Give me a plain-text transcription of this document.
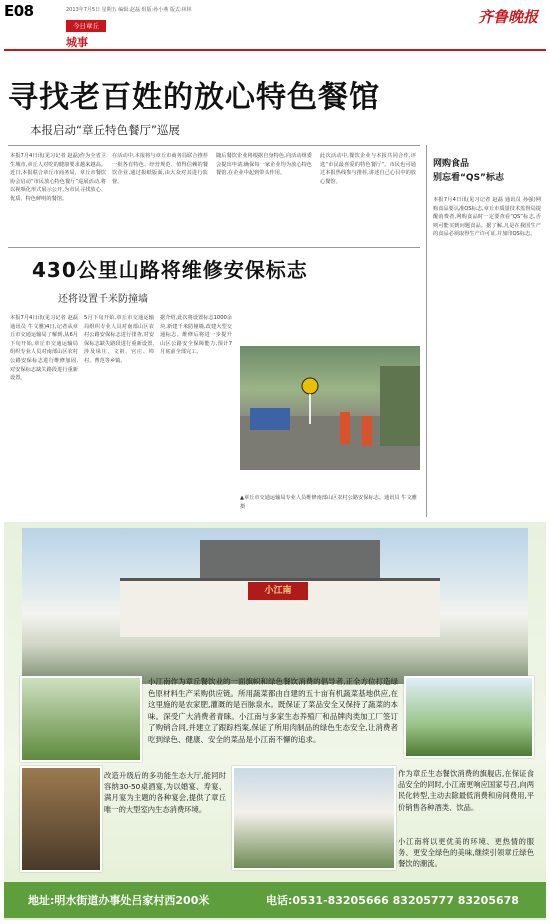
E08	2013年7月5日 星期五 编辑:赵磊 组版:孙小燕 版式:林林
今日章丘
城事
齐鲁晚报
寻找老百姓的放心特色餐馆
本报启动“章丘特色餐厅”巡展
本报7月4日讯(见习记者 赵磊)作为全省卫生城市,章丘人对吃的健康要求越来越高。近日,本报联合章丘市商务局、章丘市餐饮协会启动“市民放心特色餐厅”巡展活动,将以视频化形式展示公开,为市民寻找放心、优质、特色鲜明的餐馆。
在活动中,本报将与章丘市商务局联合推荐一批各有特色、经营规范、值得信赖的餐饮企业,通过报纸版面,由大众对其进行监督。
随后餐饮企业将根据自身特色,向活动组委会提出申请,确保每一家企业均为放心特色餐馆,在企业中起到带头作用。
此次活动中,餐饮企业与本报共同合作,评选“市民最喜爱的特色餐厅”。市民也可通过本报热线参与推荐,讲述自己心目中的放心餐馆。
网购食品
别忘看“QS”标志
本报7月4日讯(见习记者 赵磊 通讯员 孙强)网购食品要认准QS标志,章丘市质量技术监督局提醒消费者,网购食品时一定要查看“QS”标志,否则可能买到问题食品。据了解,凡是在我国生产的食品必须取得生产许可证,并加印QS标志。
430公里山路将维修安保标志
还将设置千米防撞墙
本报7月4日讯(见习记者 赵磊 通讯员 牛文雅)4日,记者从章丘市交通运输局了解到,从6月下旬开始,章丘市交通运输局组织专业人员对南部山区农村公路安保标志进行维修加固,对安保标志缺失路段进行重新设置。
5月下旬开始,章丘市交通运输局组织专业人员对南部山区农村公路安保标志进行排查,对安保标志缺失路段进行重新设置,涉及垛庄、文祖、官庄、埠村、曹范等乡镇。
据介绍,此次将设置标志1000余块,新建千米防撞墙,改建大型交通标志。维修后将进一步提升山区公路安全保障能力,预计7月底前全部完工。
▲章丘市交通运输局专业人员维修南部山区农村公路安保标志。通讯员 牛文雅 摄
小江南
小江南作为章丘餐饮业的一面旗帜和绿色餐饮消费的倡导者,正全方位打造绿色原材料生产采购供应链。所用蔬菜都由自建的五十亩有机蔬菜基地供应,在这里施的是农家肥,灌溉的是百脉泉水。既保证了菜品安全又保持了蔬菜的本味。深受广大消费者青睐。小江南与多家生态养殖厂和品牌肉类加工厂签订了购销合同,并建立了跟踪档案,保证了所用肉制品的绿色生态安全,让消费者吃到绿色、健康、安全的菜品是小江南不懈的追求。
改造升级后的多功能生态大厅,能同时容纳30-50桌酒宴,为以婚宴、寿宴、满月宴为主题的各种宴会,提供了章丘唯一的大型室内生态消费环境。
作为章丘生态餐饮消费的旗舰店,在保证食品安全的同时,小江南更响应国家号召,向两民化转型,主动去除最低消费和房间费用,平价销售各种酒类、饮品。
小江南将以更优美的环境、更热情的服务、更安全绿色的美味,继续引领章丘绿色餐饮的潮流。
地址:明水街道办事处吕家村西200米	电话:0531-83205666 83205777 83205678
